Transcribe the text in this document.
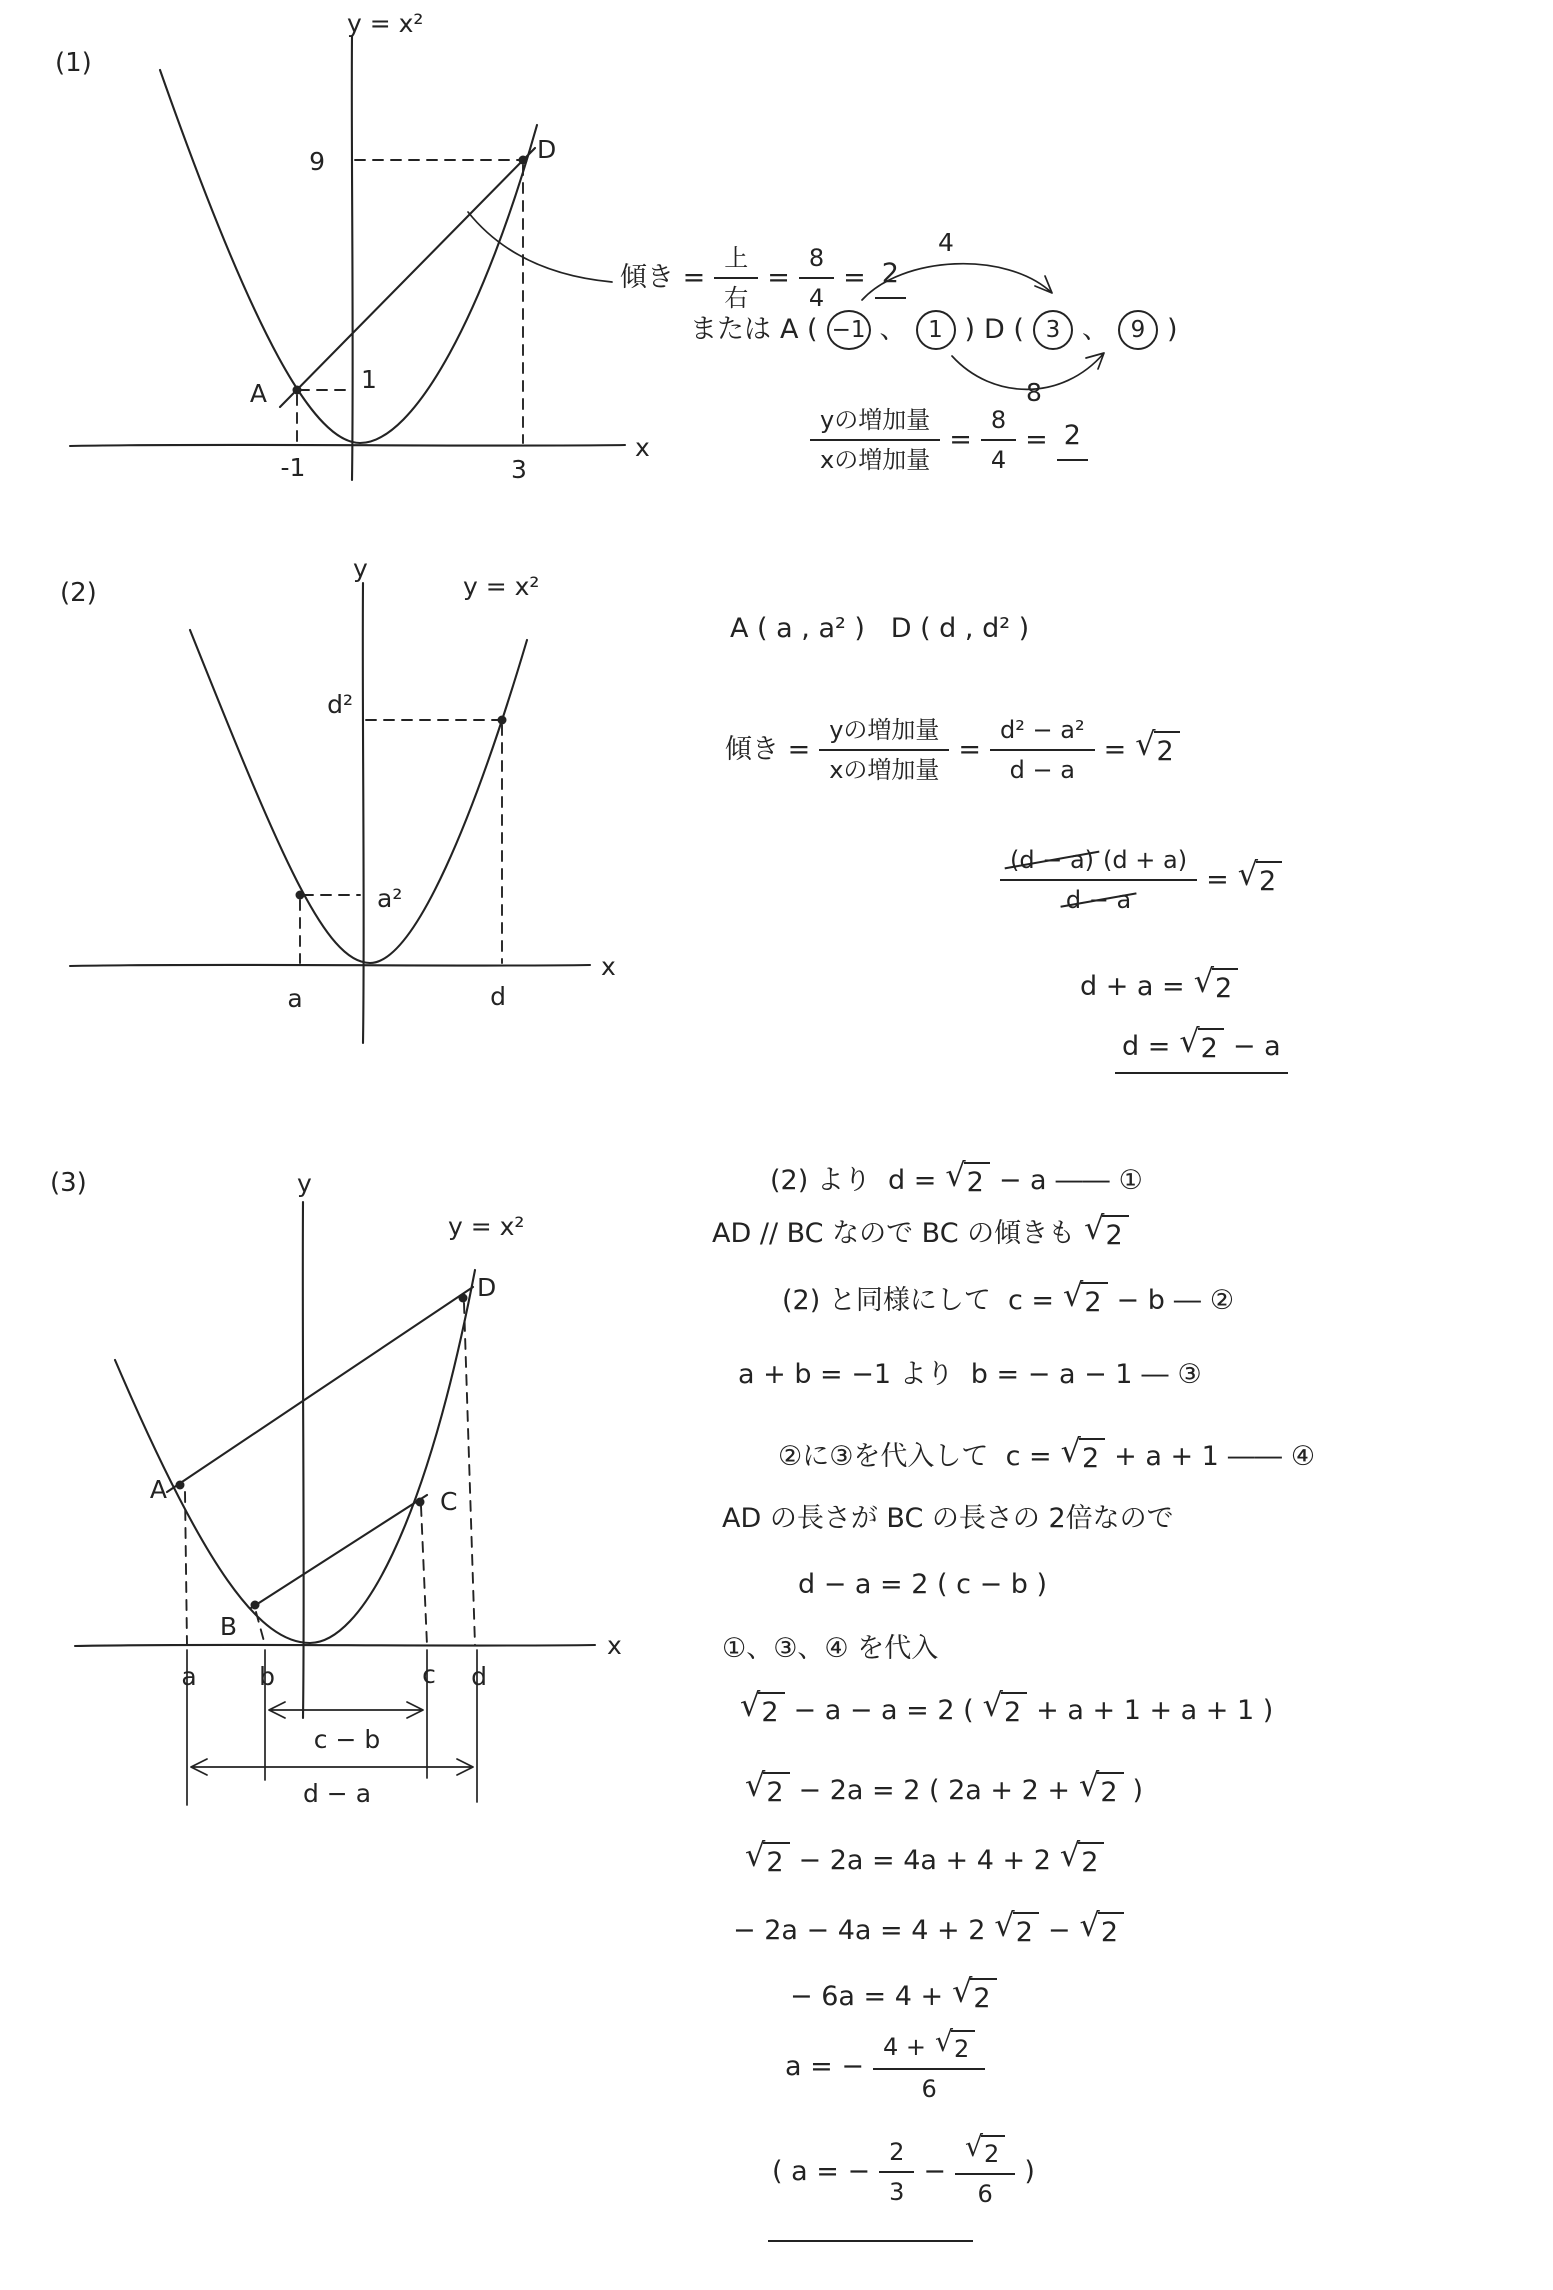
(1)
y = x²
9
1
-1	3
A
D
x
傾き = $\frac{\text{上}}{\text{右}} = \frac{8}{4} = 2$
または A ( −1 、 1 ) D ( 3 、 9 )
4
8
$\frac{\text{yの増加量}}{\text{xの増加量}} = \frac{8}{4} = 2$
(2)
y
y = x²
d²
a²
a	d
x
A ( a , a² )   D ( d , d² )
傾き = $\frac{\text{yの増加量}}{\text{xの増加量}} = \frac{\text{d² − a²}}{d - a}$ = √ 2
$\frac{(d - a) (d + a)}{d - a}$ = √ 2
d + a = √ 2
d = √ 2 − a
(3)	y
y = x²
A
B
C
D
a b	c d
c − b
d − a
x
(2) より  d = √ 2 − a ―― ①
AD // BC なので BC の傾きも √ 2
(2) と同様にして  c = √ 2 − b ― ②
a + b = −1 より  b = − a − 1 ― ③
②に③を代入して  c = √ 2 + a + 1 ―― ④
AD の長さが BC の長さの 2倍なので
d − a = 2 ( c − b )
①、③、④ を代入
√ 2 − a − a = 2 ( √ 2 + a + 1 + a + 1 )
√ 2 − 2a = 2 ( 2a + 2 + √ 2 )
√ 2 − 2a = 4a + 4 + 2 √ 2
− 2a − 4a = 4 + 2 √ 2 − √ 2
− 6a = 4 + √ 2
a = − $\frac{4 + √ 2}{6}$
( a = − $\frac{2}{3} - \frac{√ 2}{6}$ )
